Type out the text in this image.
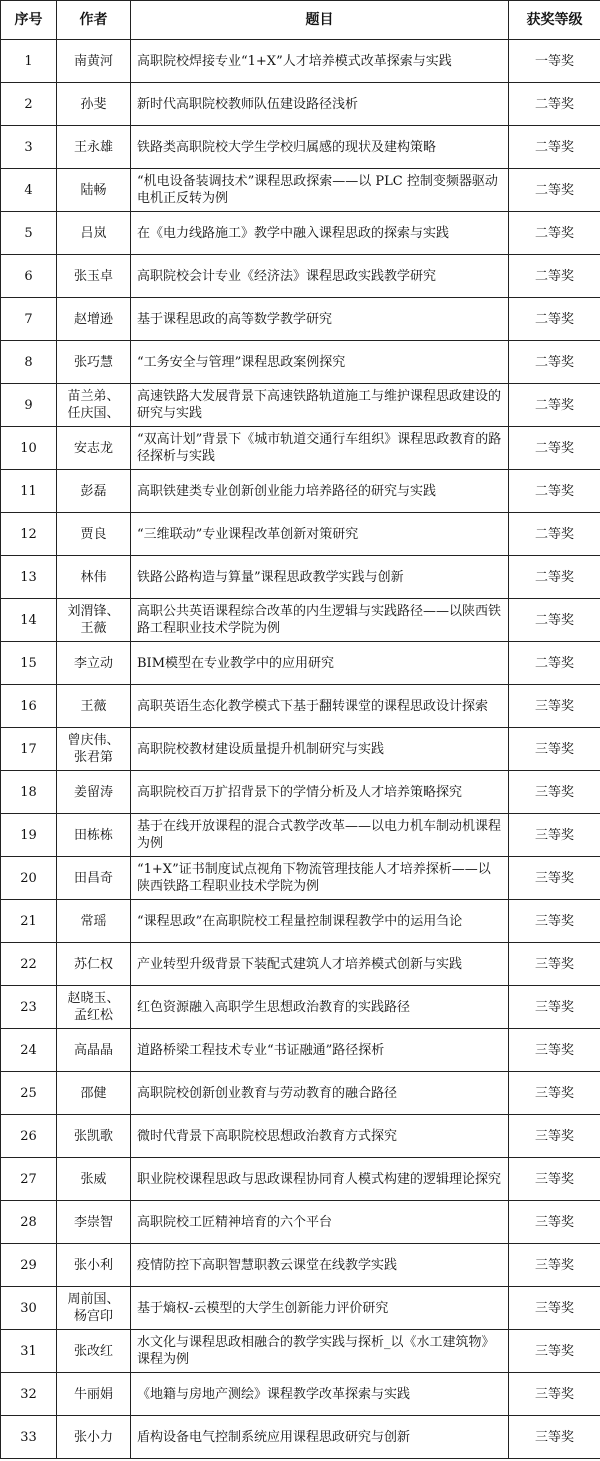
序号	作者	题目	获奖等级
1	南黄河	高职院校焊接专业“1+X”人才培养模式改革探索与实践	一等奖
2	孙斐	新时代高职院校教师队伍建设路径浅析	二等奖
3	王永雄	铁路类高职院校大学生学校归属感的现状及建构策略	二等奖
4	陆畅	“机电设备装调技术”课程思政探索——以 PLC 控制变频器驱动电机正反转为例	二等奖
5	吕岚	在《电力线路施工》教学中融入课程思政的探索与实践	二等奖
6	张玉卓	高职院校会计专业《经济法》课程思政实践教学研究	二等奖
7	赵增逊	基于课程思政的高等数学教学研究	二等奖
8	张巧慧	“工务安全与管理”课程思政案例探究	二等奖
9	苗兰弟、任庆国、	高速铁路大发展背景下高速铁路轨道施工与维护课程思政建设的研究与实践	二等奖
10	安志龙	“双高计划”背景下《城市轨道交通行车组织》课程思政教育的路径探析与实践	二等奖
11	彭磊	高职铁建类专业创新创业能力培养路径的研究与实践	二等奖
12	贾良	“三维联动”专业课程改革创新对策研究	二等奖
13	林伟	铁路公路构造与算量”课程思政教学实践与创新	二等奖
14	刘渭锋、王薇	高职公共英语课程综合改革的内生逻辑与实践路径——以陕西铁路工程职业技术学院为例	二等奖
15	李立动	BIM模型在专业教学中的应用研究	二等奖
16	王薇	高职英语生态化教学模式下基于翻转课堂的课程思政设计探索	三等奖
17	曾庆伟、张君第	高职院校教材建设质量提升机制研究与实践	三等奖
18	姜留涛	高职院校百万扩招背景下的学情分析及人才培养策略探究	三等奖
19	田栋栋	基于在线开放课程的混合式教学改革——以电力机车制动机课程为例	三等奖
20	田昌奇	“1+X”证书制度试点视角下物流管理技能人才培养探析——以陕西铁路工程职业技术学院为例	三等奖
21	常瑶	“课程思政”在高职院校工程量控制课程教学中的运用刍论	三等奖
22	苏仁权	产业转型升级背景下装配式建筑人才培养模式创新与实践	三等奖
23	赵晓玉、孟红松	红色资源融入高职学生思想政治教育的实践路径	三等奖
24	高晶晶	道路桥梁工程技术专业“书证融通”路径探析	三等奖
25	邵健	高职院校创新创业教育与劳动教育的融合路径	三等奖
26	张凯歌	微时代背景下高职院校思想政治教育方式探究	三等奖
27	张威	职业院校课程思政与思政课程协同育人模式构建的逻辑理论探究	三等奖
28	李崇智	高职院校工匠精神培育的六个平台	三等奖
29	张小利	疫情防控下高职智慧职教云课堂在线教学实践	三等奖
30	周前国、杨宫印	基于熵权-云模型的大学生创新能力评价研究	三等奖
31	张改红	水文化与课程思政相融合的教学实践与探析_以《水工建筑物》课程为例	三等奖
32	牛丽娟	《地籍与房地产测绘》课程教学改革探索与实践	三等奖
33	张小力	盾构设备电气控制系统应用课程思政研究与创新	三等奖
